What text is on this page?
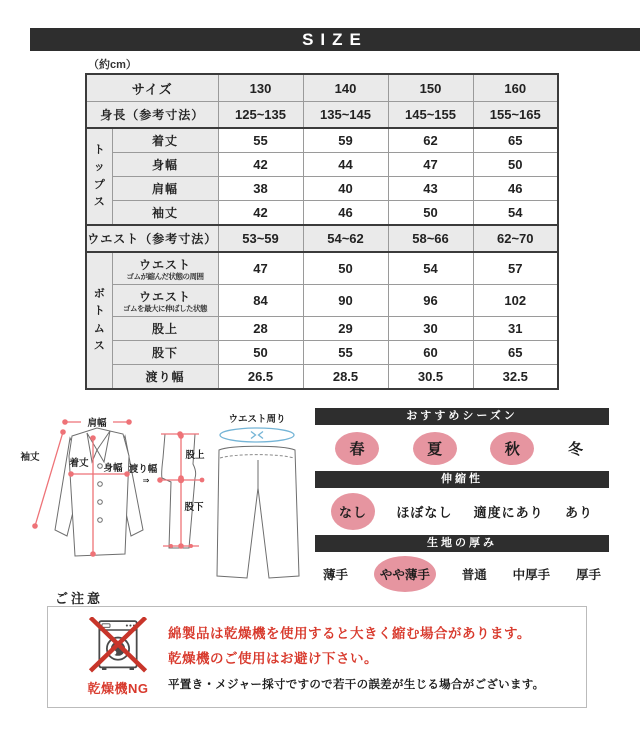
SIZE
（約cm）
サイズ		130	140	150	160
身長（参考寸法）		125~135	135~145	145~155	155~165

ト
ッ
プ
ス	着丈	55	59	62	65
	身幅	42	44	47	50
	肩幅	38	40	43	46
	袖丈	42	46	50	54
ウエスト（参考寸法）		53~59	54~62	58~66	62~70

ボ
ト
ム
ス
	ウエスト
ゴムが縮んだ状態の周囲	47	50	54	57
	ウエスト
ゴムを最大に伸ばした状態	84	90	96	102
	股上	28	29	30	31
	股下	50	55	60	65
	渡り幅	26.5	28.5	30.5	32.5
肩幅
袖丈
着丈 身幅
股上
渡り幅
⇒
股下
ウエスト周り	おすすめシーズン
春	夏	秋	冬
伸縮性
なし	ほぼなし 適度にあり あり
生地の厚み
薄手	やや薄手	普通 中厚手 厚手
ご注意
乾燥機NG
綿製品は乾燥機を使用すると大きく縮む場合があります。
乾燥機のご使用はお避け下さい。
平置き・メジャー採寸ですので若干の誤差が生じる場合がございます。
